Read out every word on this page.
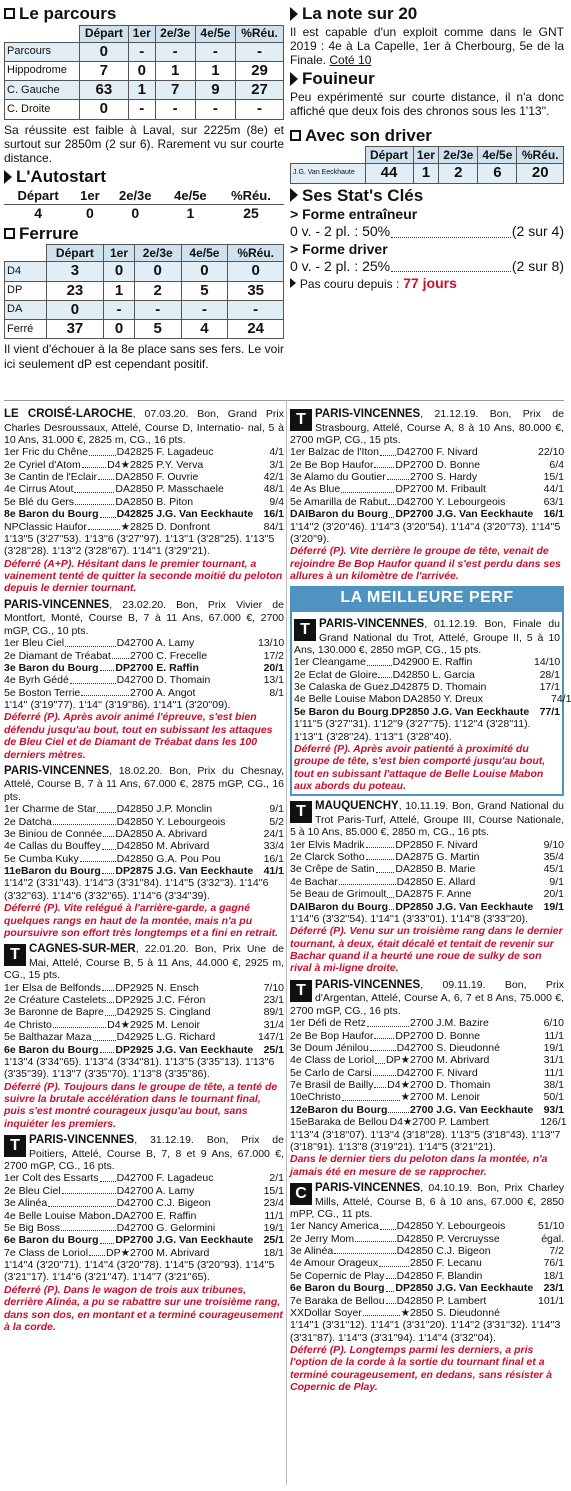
Le parcours
	Départ	1er	2e/3e	4e/5e	%Réu.
Parcours	0	-	-	-	-
Hippodrome	7	0	1	1	29
C. Gauche	63	1	7	9	27
C. Droite	0	-	-	-	-
Sa réussite est faible à Laval, sur 2225m (8e) et surtout sur 2850m (2 sur 6). Rarement vu sur courte distance.
L'Autostart
Départ	1er	2e/3e	4e/5e	%Réu.
4	0	0	1	25
Ferrure
	Départ	1er	2e/3e	4e/5e	%Réu.
D4	3	0	0	0	0
DP	23	1	2	5	35
DA	0	-	-	-	-
Ferré	37	0	5	4	24
Il vient d'échouer à la 8e place sans ses fers. Le voir ici seulement dP est cependant positif.
La note sur 20
Il est capable d'un exploit comme dans le GNT 2019 : 4e à La Capelle, 1er à Cherbourg, 5e de la Finale. Coté 10
Fouineur
Peu expérimenté sur courte distance, il n'a donc affiché que deux fois des chronos sous les 1'13''.
Avec son driver
	Départ	1er	2e/3e	4e/5e	%Réu.
J.G. Van Eeckhaute	44	1	2	6	20
Ses Stat's Clés
> Forme entraîneur
0 v. - 2 pl. : 50%	(2 sur 4)
> Forme driver
0 v. - 2 pl. : 25%	(2 sur 8)
Pas couru depuis : 77 jours
LE CROISÉ-LAROCHE, 07.03.20. Bon, Grand Prix Charles Desroussaux, Attelé, Course D, Internatio- nal, 5 à 10 Ans, 31.000 €, 2825 m, CG., 16 pts.
1er Fric du Chêne	D4 2825 F. Lagadeuc	4/1
2e Cyriel d'Atom	D4★ 2825 P.Y. Verva	3/1
3e Cantin de l'Eclair DA 2850 F. Ouvrie	42/1
4e Cirrus Atout	DA 2850 P. Masschaele	48/1
5e Blé du Gers	DA 2850 B. Piton	9/4
8e Baron du Bourg D4 2825 J.G. Van Eeckhaute 16/1
NPClassic Haufor	★ 2825 D. Donfront	84/1
1'13''5 (3'27''53). 1'13''6 (3'27''97). 1'13''1 (3'28''25). 1'13''5 (3'28''28). 1'13''2 (3'28''67). 1'14''1 (3'29''21).
Déferré (A+P). Hésitant dans le premier tournant, a vainement tenté de quitter la seconde moitié du peloton depuis le dernier tournant.
PARIS-VINCENNES, 23.02.20. Bon, Prix Vivier de Montfort, Monté, Course B, 7 à 11 Ans, 67.000 €, 2700 mGP, CG., 10 pts.
1er Bleu Ciel	D4 2700 A. Lamy	13/10
2e Diamant de Tréabat 2700 C. Frecelle	17/2
3e Baron du Bourg DP 2700 E. Raffin	20/1
4e Byrh Gédé	D4 2700 D. Thomain	13/1
5e Boston Terrie	2700 A. Angot	8/1
1'14'' (3'19''77). 1'14'' (3'19''86). 1'14''1 (3'20''09).
Déferré (P). Après avoir animé l'épreuve, s'est bien défendu jusqu'au bout, tout en subissant les attaques de Bleu Ciel et de Diamant de Tréabat dans les 100 derniers mètres.
PARIS-VINCENNES, 18.02.20. Bon, Prix du Chesnay, Attelé, Course B, 7 à 11 Ans, 67.000 €, 2875 mGP, CG., 16 pts.
1er Charme de Star D4 2850 J.P. Monclin	9/1
2e Datcha	D4 2850 Y. Lebourgeois	5/2
3e Biniou de Connée DA 2850 A. Abrivard	24/1
4e Callas du Bouffey D4 2850 M. Abrivard	33/4
5e Cumba Kuky	D4 2850 G.A. Pou Pou	16/1
11eBaron du Bourg DP 2875 J.G. Van Eeckhaute 41/1
1'14''2 (3'31''43). 1'14''3 (3'31''84). 1'14''5 (3'32''3). 1'14''6 (3'32''63). 1'14''6 (3'32''65). 1'14''6 (3'34''39).
Déferré (P). Vite relégué à l'arrière-garde, a gagné quelques rangs en haut de la montée, mais n'a pu poursuivre son effort très longtemps et a fini en retrait.
T CAGNES-SUR-MER, 22.01.20. Bon, Prix Une de Mai, Attelé, Course B, 5 à 11 Ans, 44.000 €, 2925 m, CG., 15 pts.
1er Elsa de Belfonds DP 2925 N. Ensch	7/10
2e Créature Castelets DP 2925 J.C. Féron	23/1
3e Baronne de Bapre D4 2925 S. Cingland	89/1
4e Christo	D4★ 2925 M. Lenoir	31/4
5e Balthazar Maza D4 2925 L.G. Richard	147/1
6e Baron du Bourg DP 2925 J.G. Van Eeckhaute 25/1
1'13''4 (3'34''65). 1'13''4 (3'34''81). 1'13''5 (3'35''13). 1'13''6 (3'35''39). 1'13''7 (3'35''70). 1'13''8 (3'35''86).
Déferré (P). Toujours dans le groupe de tête, a tenté de suivre la brutale accélération dans le tournant final, puis s'est montré courageux jusqu'au bout, sans inquiéter les premiers.
T PARIS-VINCENNES, 31.12.19. Bon, Prix de Poitiers, Attelé, Course B, 7, 8 et 9 Ans, 67.000 €, 2700 mGP, CG., 16 pts.
1er Colt des Essarts D4 2700 F. Lagadeuc	2/1
2e Bleu Ciel	D4 2700 A. Lamy	15/1
3e Alinéa	D4 2700 C.J. Bigeon	23/4
4e Belle Louise Mabon DA 2700 E. Raffin	11/1
5e Big Boss	D4 2700 G. Gelormini	19/1
6e Baron du Bourg DP 2700 J.G. Van Eeckhaute 25/1
7e Class de Loriol DP★ 2700 M. Abrivard	18/1
1'14''4 (3'20''71). 1'14''4 (3'20''78). 1'14''5 (3'20''93). 1'14''5 (3'21''17). 1'14''6 (3'21''47). 1'14''7 (3'21''65).
Déferré (P). Dans le wagon de trois aux tribunes, derrière Alinéa, a pu se rabattre sur une troisième rang, dans son dos, en montant et a terminé courageusement à la corde.
T PARIS-VINCENNES, 21.12.19. Bon, Prix de Strasbourg, Attelé, Course A, 8 à 10 Ans, 80.000 €, 2700 mGP, CG., 15 pts.
1er Balzac de l'Iton D4 2700 F. Nivard	22/10
2e Be Bop Haufor DP 2700 D. Bonne	6/4
3e Alamo du Goutier 2700 S. Hardy	15/1
4e As Blue	DP 2700 M. Fribault	44/1
5e Amarilla de Rabut D4 2700 Y. Lebourgeois	63/1
DAIBaron du Bourg DP 2700 J.G. Van Eeckhaute 16/1
1'14''2 (3'20''46). 1'14''3 (3'20''54). 1'14''4 (3'20''73). 1'14''5 (3'20''9).
Déferré (P). Vite derrière le groupe de tête, venait de rejoindre Be Bop Haufor quand il s'est perdu dans ses allures à un kilomètre de l'arrivée.
LA MEILLEURE PERF
T PARIS-VINCENNES, 01.12.19. Bon, Finale du Grand National du Trot, Attelé, Groupe II, 5 à 10 Ans, 130.000 €, 2850 mGP, CG., 15 pts.
1er Cleangame	D4 2900 E. Raffin	14/10
2e Eclat de Gloire D4 2850 L. Garcia	28/1
3e Calaska de Guez D4 2875 D. Thomain	17/1
4e Belle Louise Mabon DA 2850 Y. Dreux	74/1
5e Baron du Bourg DP 2850 J.G. Van Eeckhaute 77/1
1'11''5 (3'27''31). 1'12''9 (3'27''75). 1'12''4 (3'28''11). 1'13''1 (3'28''24). 1'13''1 (3'28''40).
Déferré (P). Après avoir patienté à proximité du groupe de tête, s'est bien comporté jusqu'au bout, tout en subissant l'attaque de Belle Louise Mabon aux abords du poteau.
T MAUQUENCHY, 10.11.19. Bon, Grand National du Trot Paris-Turf, Attelé, Groupe III, Course Nationale, 5 à 10 Ans, 85.000 €, 2850 m, CG., 16 pts.
1er Elvis Madrik	DP 2850 F. Nivard	9/10
2e Clarck Sotho	DA 2875 G. Martin	35/4
3e Crêpe de Satin DA 2850 B. Marie	45/1
4e Bachar	D4 2850 E. Allard	9/1
5e Beau de Grimoult DA 2875 F. Anne	20/1
DAIBaron du Bourg DP 2850 J.G. Van Eeckhaute 19/1
1'14''6 (3'32''54). 1'14''1 (3'33''01). 1'14''8 (3'33''20).
Déferré (P). Venu sur un troisième rang dans le dernier tournant, à deux, était décalé et tentait de revenir sur Bachar quand il a heurté une roue de sulky de son rival à mi-ligne droite.
T PARIS-VINCENNES, 09.11.19. Bon, Prix d'Argentan, Attelé, Course A, 6, 7 et 8 Ans, 75.000 €, 2700 mGP, CG., 16 pts.
1er Défi de Retz	2700 J.M. Bazire	6/10
2e Be Bop Haufor DP 2700 D. Bonne	11/1
3e Doum Jénilou	D4 2700 S. Dieudonné	19/1
4e Class de Loriol DP★ 2700 M. Abrivard	31/1
5e Carlo de Carsi D4 2700 F. Nivard	11/1
7e Brasil de Bailly D4★ 2700 D. Thomain	38/1
10eChristo	★ 2700 M. Lenoir	50/1
12eBaron du Bourg 2700 J.G. Van Eeckhaute 93/1
15eBaraka de Bellou D4★ 2700 P. Lambert	126/1
1'13''4 (3'18''07). 1'13''4 (3'18''28). 1'13''5 (3'18''43). 1'13''7 (3'18''91). 1'13''8 (3'19''21). 1'14''5 (3'21''21).
Dans le dernier tiers du peloton dans la montée, n'a jamais été en mesure de se rapprocher.
C PARIS-VINCENNES, 04.10.19. Bon, Prix Charley Mills, Attelé, Course B, 6 à 10 ans, 67.000 €, 2850 mPP, CG., 11 pts.
1er Nancy America D4 2850 Y. Lebourgeois	51/10
2e Jerry Mom	D4 2850 P. Vercruysse	égal.
3e Alinéa	D4 2850 C.J. Bigeon	7/2
4e Amour Orageux	2850 F. Lecanu	76/1
5e Copernic de Play D4 2850 F. Blandin	18/1
6e Baron du Bourg DP 2850 J.G. Van Eeckhaute 23/1
7e Baraka de Bellou D4 2850 P. Lambert	101/1
XXDollar Soyer	★ 2850 S. Dieudonné
1'14''1 (3'31''12). 1'14''1 (3'31''20). 1'14''2 (3'31''32). 1'14''3 (3'31''87). 1'14''3 (3'31''94). 1'14''4 (3'32''04).
Déferré (P). Longtemps parmi les derniers, a pris l'option de la corde à la sortie du tournant final et a terminé courageusement, en dedans, sans résister à Copernic de Play.
